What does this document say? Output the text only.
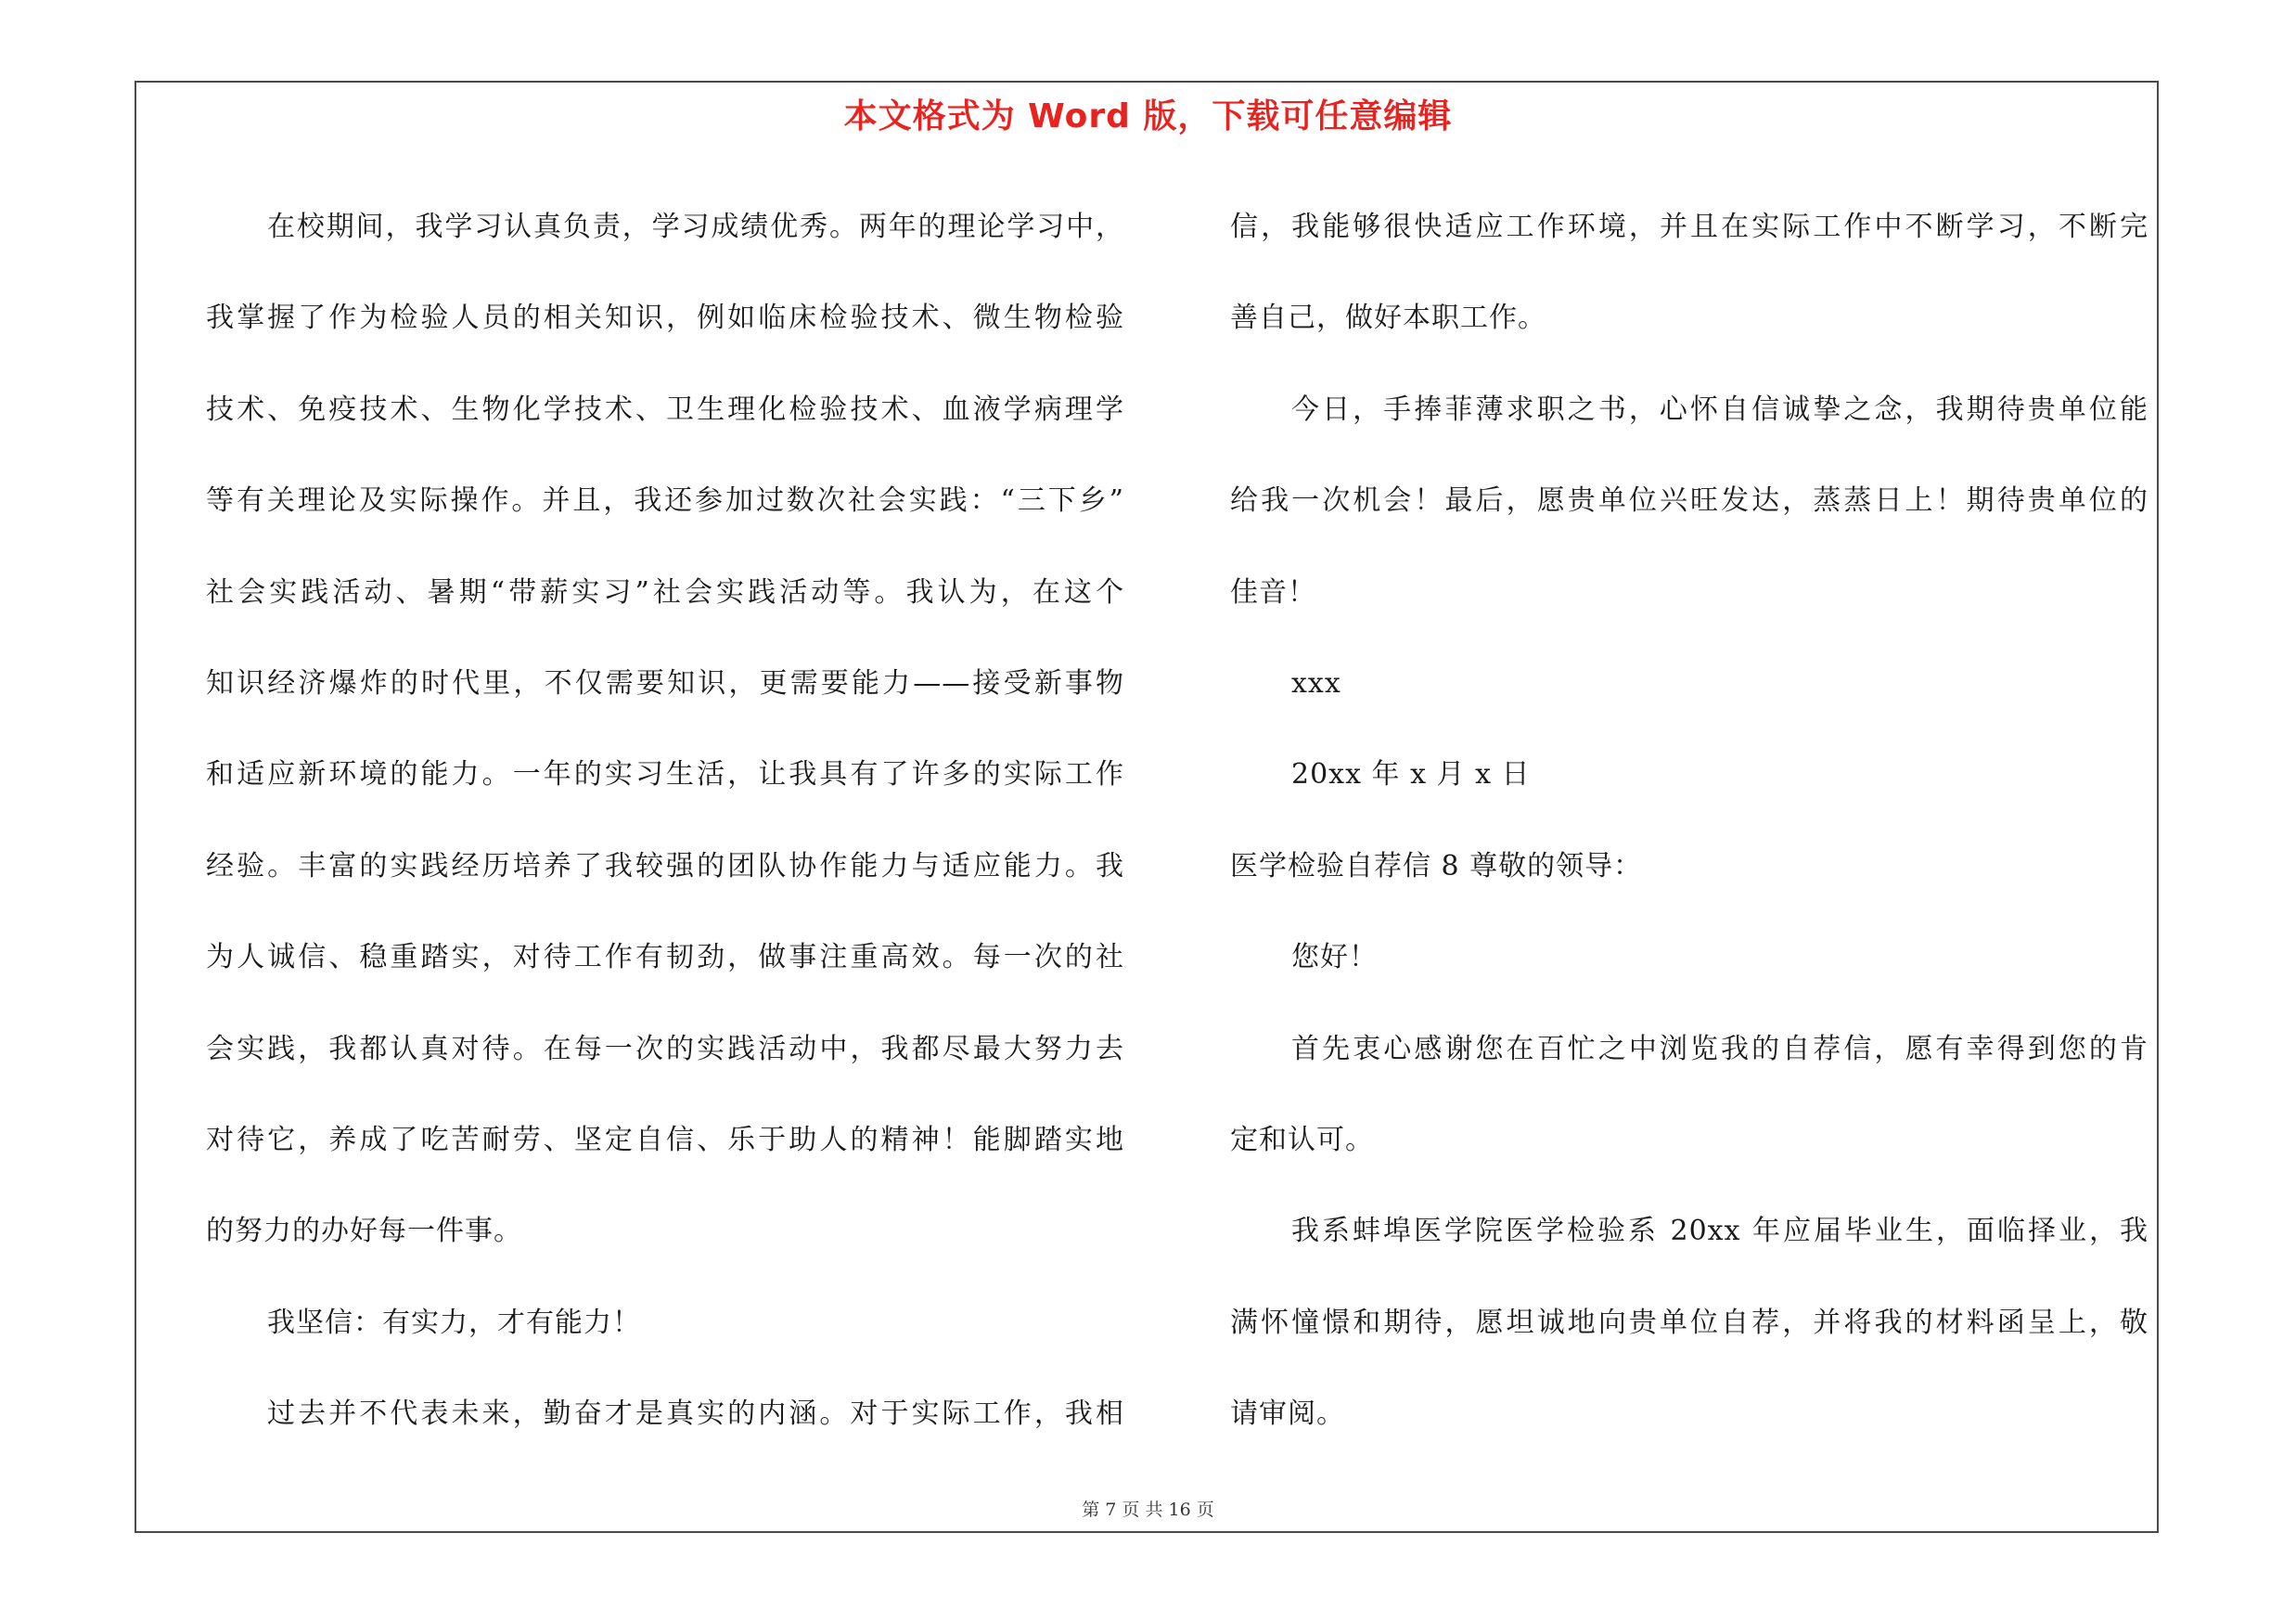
本文格式为 Word 版，下载可任意编辑
在校期间，我学习认真负责，学习成绩优秀。两年的理论学习中，
我掌握了作为检验人员的相关知识，例如临床检验技术、微生物检验
技术、免疫技术、生物化学技术、卫生理化检验技术、血液学病理学
等有关理论及实际操作。并且，我还参加过数次社会实践：“三下乡”
社会实践活动、暑期“带薪实习”社会实践活动等。我认为，在这个
知识经济爆炸的时代里，不仅需要知识，更需要能力——接受新事物
和适应新环境的能力。一年的实习生活，让我具有了许多的实际工作
经验。丰富的实践经历培养了我较强的团队协作能力与适应能力。我
为人诚信、稳重踏实，对待工作有韧劲，做事注重高效。每一次的社
会实践，我都认真对待。在每一次的实践活动中，我都尽最大努力去
对待它，养成了吃苦耐劳、坚定自信、乐于助人的精神！能脚踏实地
的努力的办好每一件事。
我坚信：有实力，才有能力！
过去并不代表未来，勤奋才是真实的内涵。对于实际工作，我相
信，我能够很快适应工作环境，并且在实际工作中不断学习，不断完
善自己，做好本职工作。
今日，手捧菲薄求职之书，心怀自信诚挚之念，我期待贵单位能
给我一次机会！最后，愿贵单位兴旺发达，蒸蒸日上！期待贵单位的
佳音！
xxx
20xx 年 x 月 x 日
医学检验自荐信 8 尊敬的领导：
您好！
首先衷心感谢您在百忙之中浏览我的自荐信，愿有幸得到您的肯
定和认可。
我系蚌埠医学院医学检验系 20xx 年应届毕业生，面临择业，我
满怀憧憬和期待，愿坦诚地向贵单位自荐，并将我的材料函呈上，敬
请审阅。
第 7 页 共 16 页
